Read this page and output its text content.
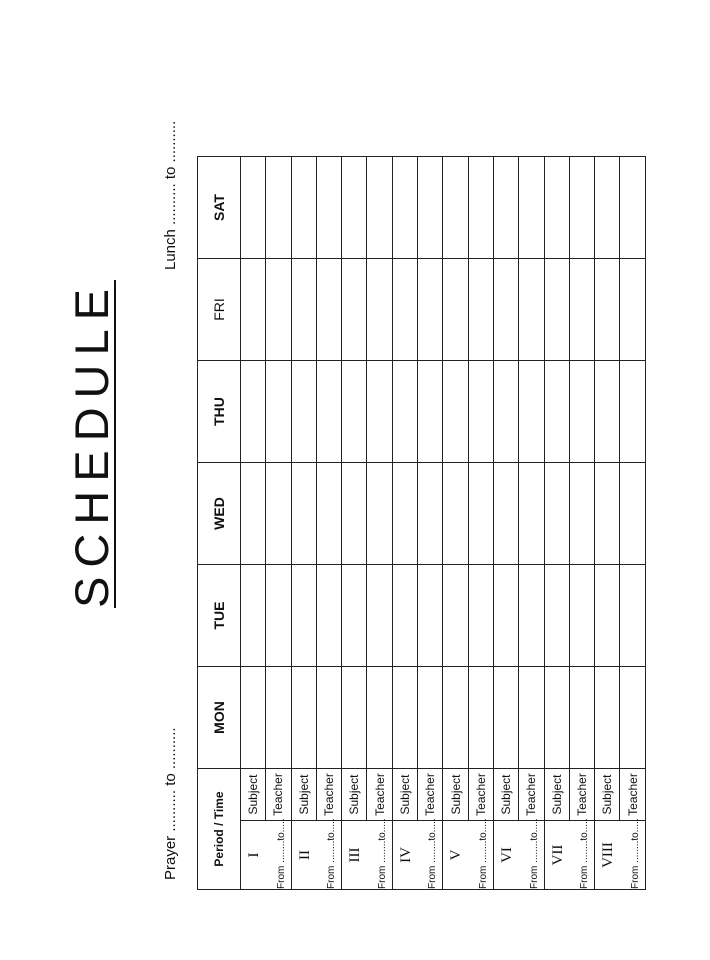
SCHEDULE
Prayer .......... to ..........
Lunch .......... to ..........
Period / Time		MON	TUE	WED	THU	FRI	SAT

I From ........to.....	Subject						
	Teacher						

II From ........to.....	Subject						
	Teacher						

III From ........to.....	Subject						
	Teacher						

IV From ........to.....	Subject						
	Teacher						

V From ........to.....	Subject						
	Teacher						

VI From ........to.....	Subject						
	Teacher						

VII From ........to.....	Subject						
	Teacher						

VIII From ........to.....	Subject						
	Teacher						
